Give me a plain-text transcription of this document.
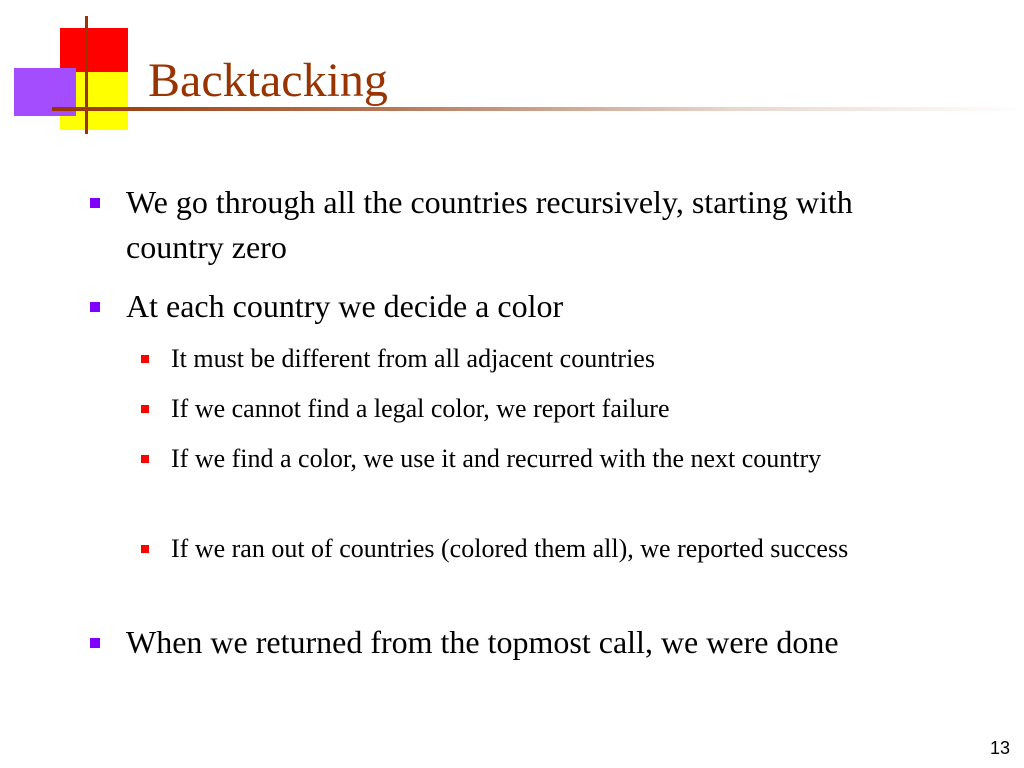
Backtacking
We go through all the countries recursively, starting with country zero
At each country we decide a color
It must be different from all adjacent countries
If we cannot find a legal color, we report failure
If we find a color, we use it and recurred with the next country
If we ran out of countries (colored them all), we reported success
When we returned from the topmost call, we were done
13
